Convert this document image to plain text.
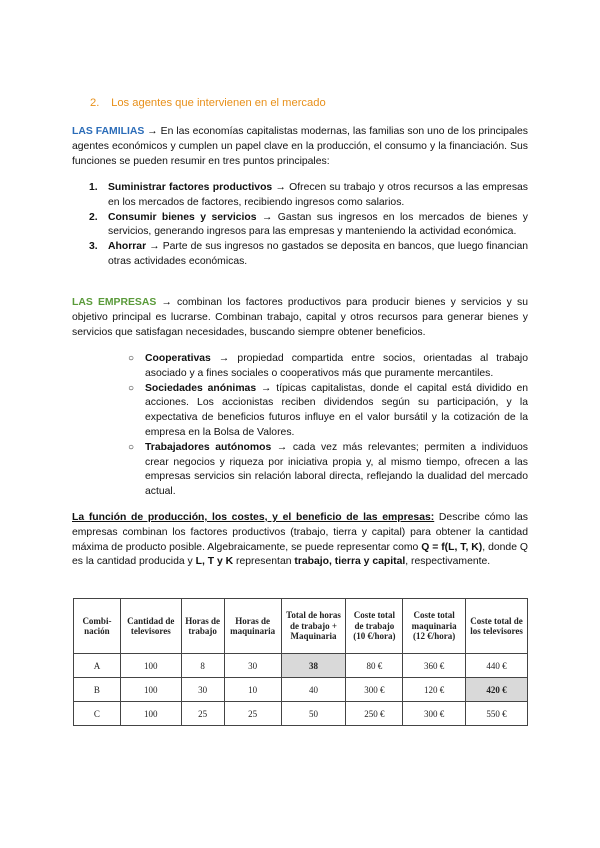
2. Los agentes que intervienen en el mercado

LAS FAMILIAS → En las economías capitalistas modernas, las familias son uno de los principales agentes económicos y cumplen un papel clave en la producción, el consumo y la financiación. Sus funciones se pueden resumir en tres puntos principales:

1. Suministrar factores productivos → Ofrecen su trabajo y otros recursos a las empresas en los mercados de factores, recibiendo ingresos como salarios.
2. Consumir bienes y servicios → Gastan sus ingresos en los mercados de bienes y servicios, generando ingresos para las empresas y manteniendo la actividad económica.
3. Ahorrar → Parte de sus ingresos no gastados se deposita en bancos, que luego financian otras actividades económicas.

LAS EMPRESAS → combinan los factores productivos para producir bienes y servicios y su objetivo principal es lucrarse. Combinan trabajo, capital y otros recursos para generar bienes y servicios que satisfagan necesidades, buscando siempre obtener beneficios.

○ Cooperativas → propiedad compartida entre socios, orientadas al trabajo asociado y a fines sociales o cooperativos más que puramente mercantiles.
○ Sociedades anónimas → típicas capitalistas, donde el capital está dividido en acciones. Los accionistas reciben dividendos según su participación, y la expectativa de beneficios futuros influye en el valor bursátil y la cotización de la empresa en la Bolsa de Valores.
○ Trabajadores autónomos → cada vez más relevantes; permiten a individuos crear negocios y riqueza por iniciativa propia y, al mismo tiempo, ofrecen a las empresas servicios sin relación laboral directa, reflejando la dualidad del mercado actual.

La función de producción, los costes, y el beneficio de las empresas: Describe cómo las empresas combinan los factores productivos (trabajo, tierra y capital) para obtener la cantidad máxima de producto posible. Algebraicamente, se puede representar como Q = f(L, T, K), donde Q es la cantidad producida y L, T y K representan trabajo, tierra y capital, respectivamente.

Combi-nación	Cantidad de televisores	Horas de trabajo	Horas de maquinaria	Total de horas de trabajo + Maquinaria	Coste total de trabajo (10 €/hora)	Coste total maquinaria (12 €/hora)	Coste total de los televisores
A	100	8	30	38	80 €	360 €	440 €
B	100	30	10	40	300 €	120 €	420 €
C	100	25	25	50	250 €	300 €	550 €
